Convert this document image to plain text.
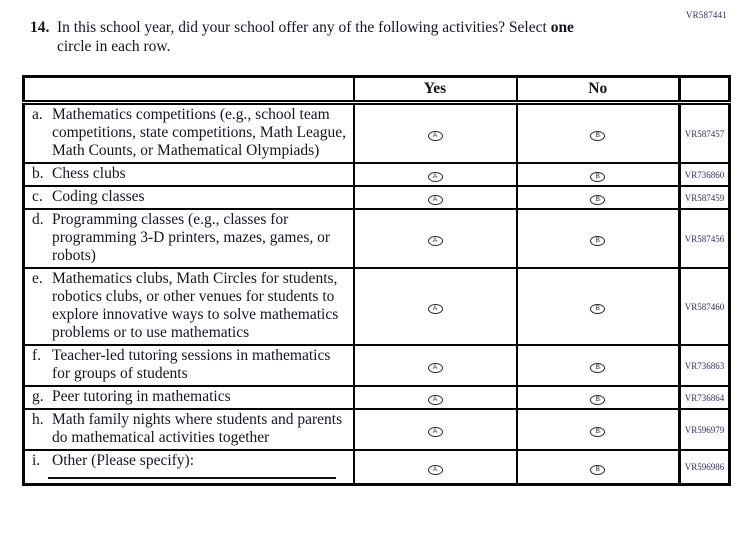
14. In this school year, did your school offer any of the following activities? Select one
circle in each row.
VR587441
	Yes	No	

a. Mathematics competitions (e.g., school team competitions, state competitions, Math League, Math Counts, or Mathematical Olympiads)	A	B	VR587457

b. Chess clubs	A	B	VR736860

c. Coding classes	A	B	VR587459

d. Programming classes (e.g., classes for programming 3-D printers, mazes, games, or robots)	A	B	VR587456

e. Mathematics clubs, Math Circles for students, robotics clubs, or other venues for students to explore innovative ways to solve mathematics problems or to use mathematics	A	B	VR587460

f. Teacher-led tutoring sessions in mathematics for groups of students	A	B	VR736863

g. Peer tutoring in mathematics	A	B	VR736864

h. Math family nights where students and parents do mathematical activities together	A	B	VR596979

i. Other (Please specify):	A	B	VR596986
